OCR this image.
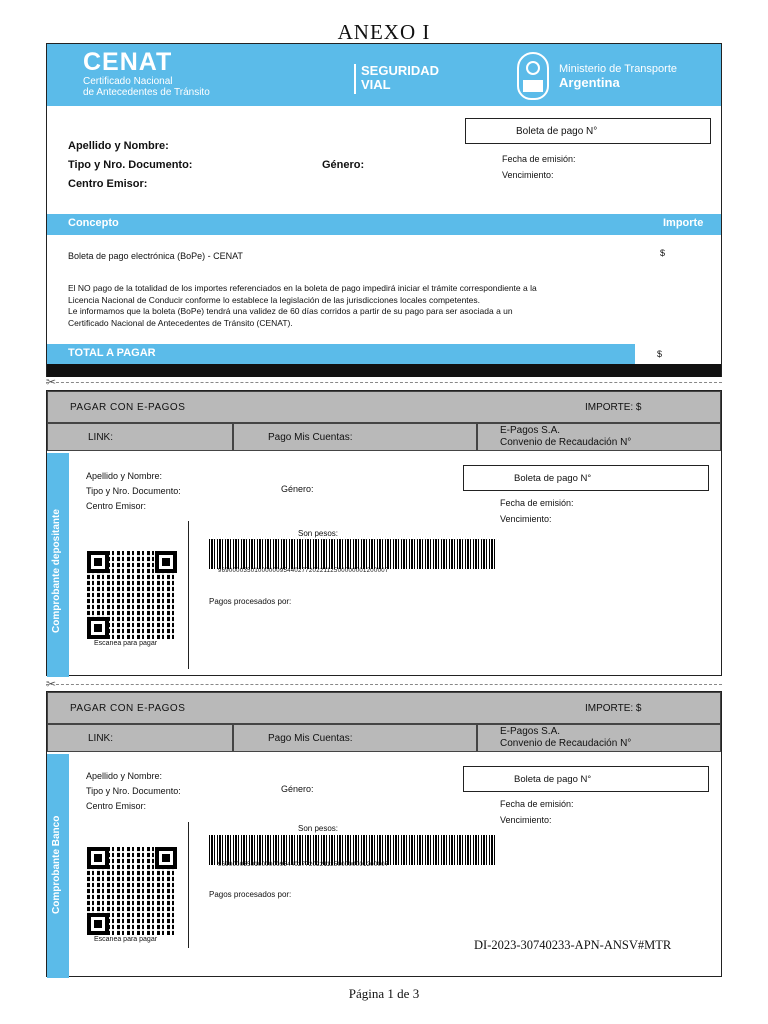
ANEXO I
CENAT
Certificado Nacional
de Antecedentes de Tránsito
SEGURIDAD
VIAL
Ministerio de Transporte
Argentina
Boleta de pago N°
Apellido y Nombre:
Tipo y Nro. Documento:	Género:
Centro Emisor:
Fecha de emisión:
Vencimiento:
Concepto	Importe
Boleta de pago electrónica (BoPe) - CENAT	$
El NO pago de la totalidad de los importes referenciados en la boleta de pago impedirá iniciar el trámite correspondiente a la
Licencia Nacional de Conducir conforme lo establece la legislación de las jurisdicciones locales competentes.
Le informamos que la boleta (BoPe) tendrá una validez de 60 días corridos a partir de su pago para ser asociada a un
Certificado Nacional de Antecedentes de Tránsito (CENAT).
TOTAL A PAGAR	$
✂
PAGAR CON E-PAGOS	IMPORTE: $
LINK:	Pago Mis Cuentas:
E-Pagos S.A.
Convenio de Recaudación N°
Comprobante depositante
Apellido y Nombre:
Tipo y Nro. Documento:
Centro Emisor:
Género:
Boleta de pago N°
Fecha de emisión:
Vencimiento:
Escanea para pagar
Son pesos:
96900003501000000954402772022112500000001200007
Pagos procesados por:
✂
PAGAR CON E-PAGOS	IMPORTE: $
LINK:	Pago Mis Cuentas:
E-Pagos S.A.
Convenio de Recaudación N°
Comprobante Banco
Apellido y Nombre:
Tipo y Nro. Documento:
Centro Emisor:
Género:
Boleta de pago N°
Fecha de emisión:
Vencimiento:
Escanea para pagar
Son pesos:
96900003501000000954402772022112500000001200007
Pagos procesados por:
DI-2023-30740233-APN-ANSV#MTR
Página 1 de 3
